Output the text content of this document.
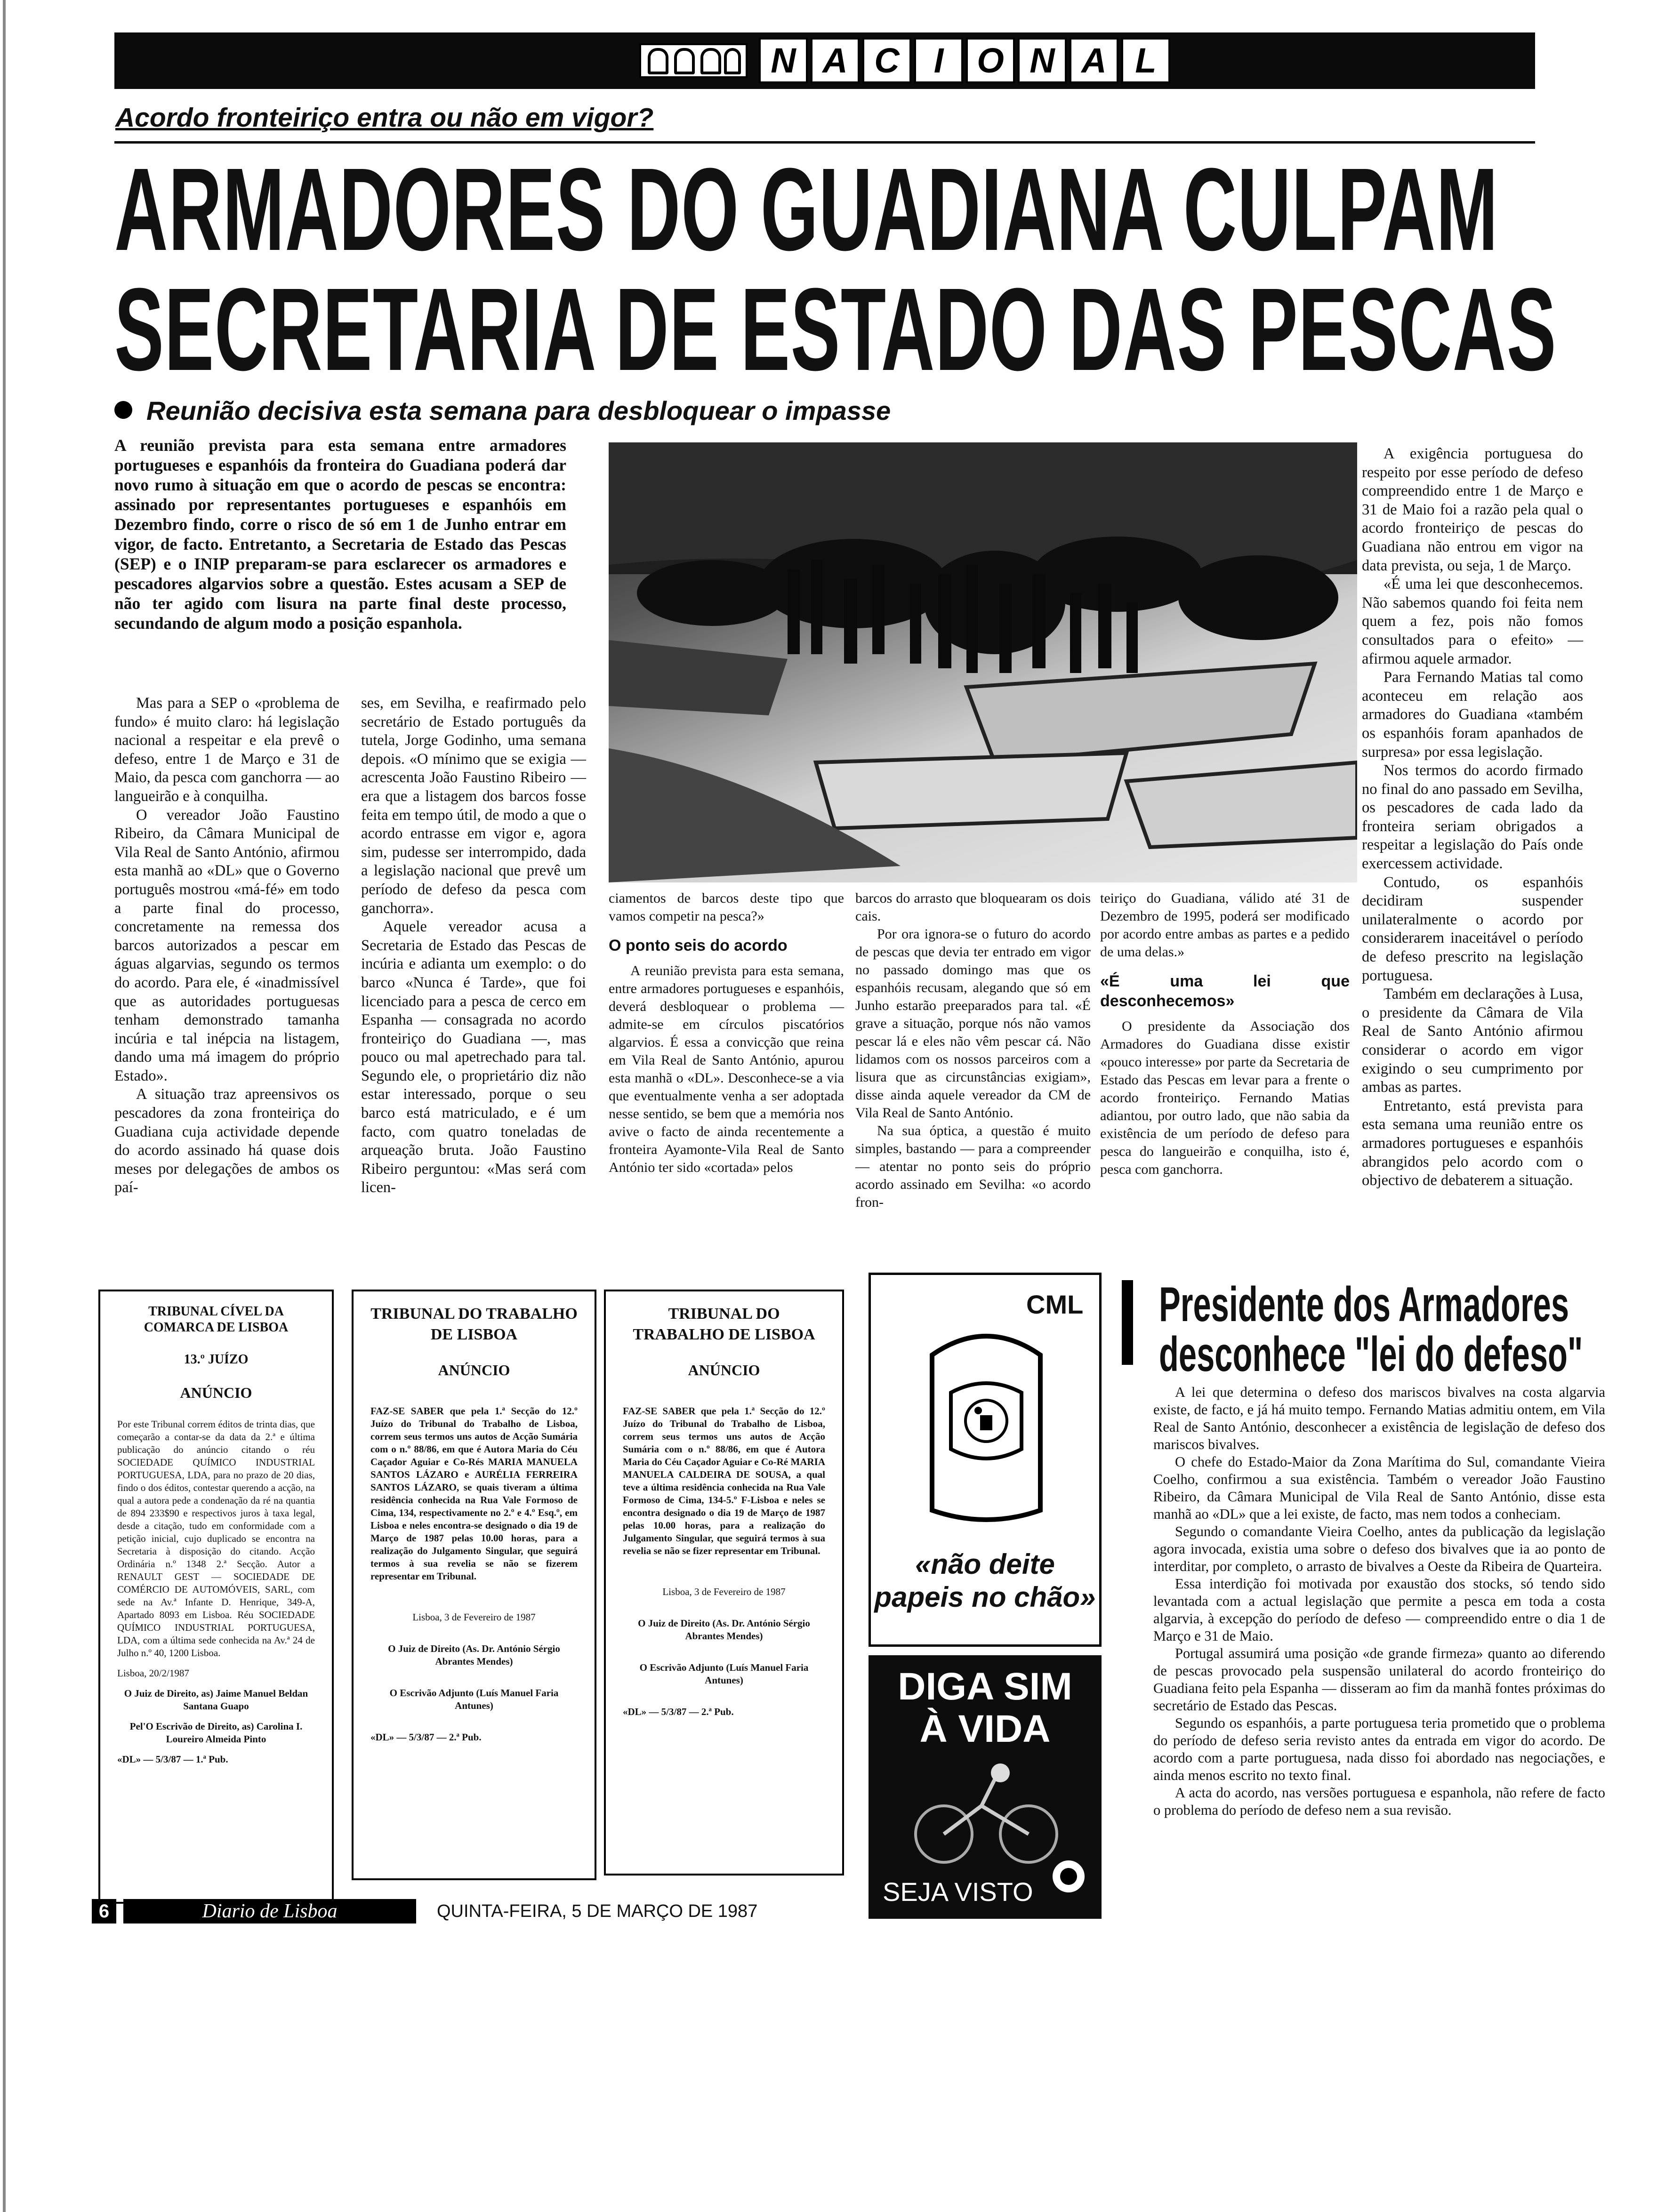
N A C I O N A L
Acordo fronteiriço entra ou não em vigor?
ARMADORES DO GUADIANA CULPAM
SECRETARIA DE ESTADO DAS PESCAS
Reunião decisiva esta semana para desbloquear o impasse
A reunião prevista para esta semana entre armadores portugueses e espanhóis da fronteira do Guadiana poderá dar novo rumo à situação em que o acordo de pescas se encontra: assinado por representantes portugueses e espanhóis em Dezembro findo, corre o risco de só em 1 de Junho entrar em vigor, de facto. Entretanto, a Secretaria de Estado das Pescas (SEP) e o INIP preparam-se para esclarecer os armadores e pescadores algarvios sobre a questão. Estes acusam a SEP de não ter agido com lisura na parte final deste processo, secundando de algum modo a posição espanhola.

Mas para a SEP o «problema de fundo» é muito claro: há legislação nacional a respeitar e ela prevê o defeso, entre 1 de Março e 31 de Maio, da pesca com ganchorra — ao langueirão e à conquilha.

O vereador João Faustino Ribeiro, da Câmara Municipal de Vila Real de Santo António, afirmou esta manhã ao «DL» que o Governo português mostrou «má-fé» em todo a parte final do processo, concretamente na remessa dos barcos autorizados a pescar em águas algarvias, segundo os termos do acordo. Para ele, é «inadmissível que as autoridades portuguesas tenham demonstrado tamanha incúria e tal inépcia na listagem, dando uma má imagem do próprio Estado».

A situação traz apreensivos os pescadores da zona fronteiriça do Guadiana cuja actividade depende do acordo assinado há quase dois meses por delegações de ambos os paí-

ses, em Sevilha, e reafirmado pelo secretário de Estado português da tutela, Jorge Godinho, uma semana depois. «O mínimo que se exigia — acrescenta João Faustino Ribeiro — era que a listagem dos barcos fosse feita em tempo útil, de modo a que o acordo entrasse em vigor e, agora sim, pudesse ser interrompido, dada a legislação nacional que prevê um período de defeso da pesca com ganchorra».

Aquele vereador acusa a Secretaria de Estado das Pescas de incúria e adianta um exemplo: o do barco «Nunca é Tarde», que foi licenciado para a pesca de cerco em Espanha — consagrada no acordo fronteiriço do Guadiana —, mas pouco ou mal apetrechado para tal. Segundo ele, o proprietário diz não estar interessado, porque o seu barco está matriculado, e é um facto, com quatro toneladas de arqueação bruta. João Faustino Ribeiro perguntou: «Mas será com licen-

ciamentos de barcos deste tipo que vamos competir na pesca?»

O ponto seis do acordo

A reunião prevista para esta semana, entre armadores portugueses e espanhóis, deverá desbloquear o problema — admite-se em círculos piscatórios algarvios. É essa a convicção que reina em Vila Real de Santo António, apurou esta manhã o «DL». Desconhece-se a via que eventualmente venha a ser adoptada nesse sentido, se bem que a memória nos avive o facto de ainda recentemente a fronteira Ayamonte-Vila Real de Santo António ter sido «cortada» pelos

barcos do arrasto que bloquearam os dois cais.

Por ora ignora-se o futuro do acordo de pescas que devia ter entrado em vigor no passado domingo mas que os espanhóis recusam, alegando que só em Junho estarão preeparados para tal. «É grave a situação, porque nós não vamos pescar lá e eles não vêm pescar cá. Não lidamos com os nossos parceiros com a lisura que as circunstâncias exigiam», disse ainda aquele vereador da CM de Vila Real de Santo António.

Na sua óptica, a questão é muito simples, bastando — para a compreender — atentar no ponto seis do próprio acordo assinado em Sevilha: «o acordo fron-

teiriço do Guadiana, válido até 31 de Dezembro de 1995, poderá ser modificado por acordo entre ambas as partes e a pedido de uma delas.»

«É uma lei que desconhecemos»

O presidente da Associação dos Armadores do Guadiana disse existir «pouco interesse» por parte da Secretaria de Estado das Pescas em levar para a frente o acordo fronteiriço. Fernando Matias adiantou, por outro lado, que não sabia da existência de um período de defeso para pesca do langueirão e conquilha, isto é, pesca com ganchorra.

A exigência portuguesa do respeito por esse período de defeso compreendido entre 1 de Março e 31 de Maio foi a razão pela qual o acordo fronteiriço de pescas do Guadiana não entrou em vigor na data prevista, ou seja, 1 de Março.

«É uma lei que desconhecemos. Não sabemos quando foi feita nem quem a fez, pois não fomos consultados para o efeito» — afirmou aquele armador.

Para Fernando Matias tal como aconteceu em relação aos armadores do Guadiana «também os espanhóis foram apanhados de surpresa» por essa legislação.

Nos termos do acordo firmado no final do ano passado em Sevilha, os pescadores de cada lado da fronteira seriam obrigados a respeitar a legislação do País onde exercessem actividade.

Contudo, os espanhóis decidiram suspender unilateralmente o acordo por considerarem inaceitável o período de defeso prescrito na legislação portuguesa.

Também em declarações à Lusa, o presidente da Câmara de Vila Real de Santo António afirmou considerar o acordo em vigor exigindo o seu cumprimento por ambas as partes.

Entretanto, está prevista para esta semana uma reunião entre os armadores portugueses e espanhóis abrangidos pelo acordo com o objectivo de debaterem a situação.

TRIBUNAL CÍVEL DA COMARCA DE LISBOA
13.º JUÍZO
ANÚNCIO
Por este Tribunal correm éditos de trinta dias, que começarão a contar-se da data da 2.ª e última publicação do anúncio citando o réu SOCIEDADE QUÍMICO INDUSTRIAL PORTUGUESA, LDA, para no prazo de 20 dias, findo o dos éditos, contestar querendo a acção, na qual a autora pede a condenação da ré na quantia de 894 233$90 e respectivos juros à taxa legal, desde a citação, tudo em conformidade com a petição inicial, cujo duplicado se encontra na Secretaria à disposição do citando. Acção Ordinária n.º 1348 2.ª Secção. Autor a RENAULT GEST — SOCIEDADE DE COMÉRCIO DE AUTOMÓVEIS, SARL, com sede na Av.ª Infante D. Henrique, 349-A, Apartado 8093 em Lisboa. Réu SOCIEDADE QUÍMICO INDUSTRIAL PORTUGUESA, LDA, com a última sede conhecida na Av.ª 24 de Julho n.º 40, 1200 Lisboa.
Lisboa, 20/2/1987
O Juiz de Direito, as) Jaime Manuel Beldan Santana Guapo
Pel'O Escrivão de Direito, as) Carolina I. Loureiro Almeida Pinto
«DL» — 5/3/87 — 1.ª Pub.
TRIBUNAL DO TRABALHO DE LISBOA
ANÚNCIO
FAZ-SE SABER que pela 1.ª Secção do 12.º Juízo do Tribunal do Trabalho de Lisboa, correm seus termos uns autos de Acção Sumária com o n.º 88/86, em que é Autora Maria do Céu Caçador Aguiar e Co-Rés MARIA MANUELA SANTOS LÁZARO e AURÉLIA FERREIRA SANTOS LÁZARO, se quais tiveram a última residência conhecida na Rua Vale Formoso de Cima, 134, respectivamente no 2.º e 4.º Esq.º, em Lisboa e neles encontra-se designado o dia 19 de Março de 1987 pelas 10.00 horas, para a realização do Julgamento Singular, que seguirá termos à sua revelia se não se fizerem representar em Tribunal.
Lisboa, 3 de Fevereiro de 1987
O Juiz de Direito (As. Dr. António Sérgio Abrantes Mendes)
O Escrivão Adjunto (Luís Manuel Faria Antunes)
«DL» — 5/3/87 — 2.ª Pub.
TRIBUNAL DO TRABALHO DE LISBOA
ANÚNCIO
FAZ-SE SABER que pela 1.ª Secção do 12.º Juízo do Tribunal do Trabalho de Lisboa, correm seus termos uns autos de Acção Sumária com o n.º 88/86, em que é Autora Maria do Céu Caçador Aguiar e Co-Ré MARIA MANUELA CALDEIRA DE SOUSA, a qual teve a última residência conhecida na Rua Vale Formoso de Cima, 134-5.º F-Lisboa e neles se encontra designado o dia 19 de Março de 1987 pelas 10.00 horas, para a realização do Julgamento Singular, que seguirá termos à sua revelia se não se fizer representar em Tribunal.
Lisboa, 3 de Fevereiro de 1987
O Juiz de Direito (As. Dr. António Sérgio Abrantes Mendes)
O Escrivão Adjunto (Luís Manuel Faria Antunes)
«DL» — 5/3/87 — 2.ª Pub.
CML
«não deite
papeis no chão»
DIGA SIM
À VIDA
SEJA VISTO
Presidente dos Armadores
desconhece "lei do defeso"

A lei que determina o defeso dos mariscos bivalves na costa algarvia existe, de facto, e já há muito tempo. Fernando Matias admitiu ontem, em Vila Real de Santo António, desconhecer a existência de legislação de defeso dos mariscos bivalves.

O chefe do Estado-Maior da Zona Marítima do Sul, comandante Vieira Coelho, confirmou a sua existência. Também o vereador João Faustino Ribeiro, da Câmara Municipal de Vila Real de Santo António, disse esta manhã ao «DL» que a lei existe, de facto, mas nem todos a conheciam.

Segundo o comandante Vieira Coelho, antes da publicação da legislação agora invocada, existia uma sobre o defeso dos bivalves que ia ao ponto de interditar, por completo, o arrasto de bivalves a Oeste da Ribeira de Quarteira.

Essa interdição foi motivada por exaustão dos stocks, só tendo sido levantada com a actual legislação que permite a pesca em toda a costa algarvia, à excepção do período de defeso — compreendido entre o dia 1 de Março e 31 de Maio.

Portugal assumirá uma posição «de grande firmeza» quanto ao diferendo de pescas provocado pela suspensão unilateral do acordo fronteiriço do Guadiana feito pela Espanha — disseram ao fim da manhã fontes próximas do secretário de Estado das Pescas.

Segundo os espanhóis, a parte portuguesa teria prometido que o problema do período de defeso seria revisto antes da entrada em vigor do acordo. De acordo com a parte portuguesa, nada disso foi abordado nas negociações, e ainda menos escrito no texto final.

A acta do acordo, nas versões portuguesa e espanhola, não refere de facto o problema do período de defeso nem a sua revisão.

6	Diario de Lisboa	QUINTA-FEIRA, 5 DE MARÇO DE 1987
